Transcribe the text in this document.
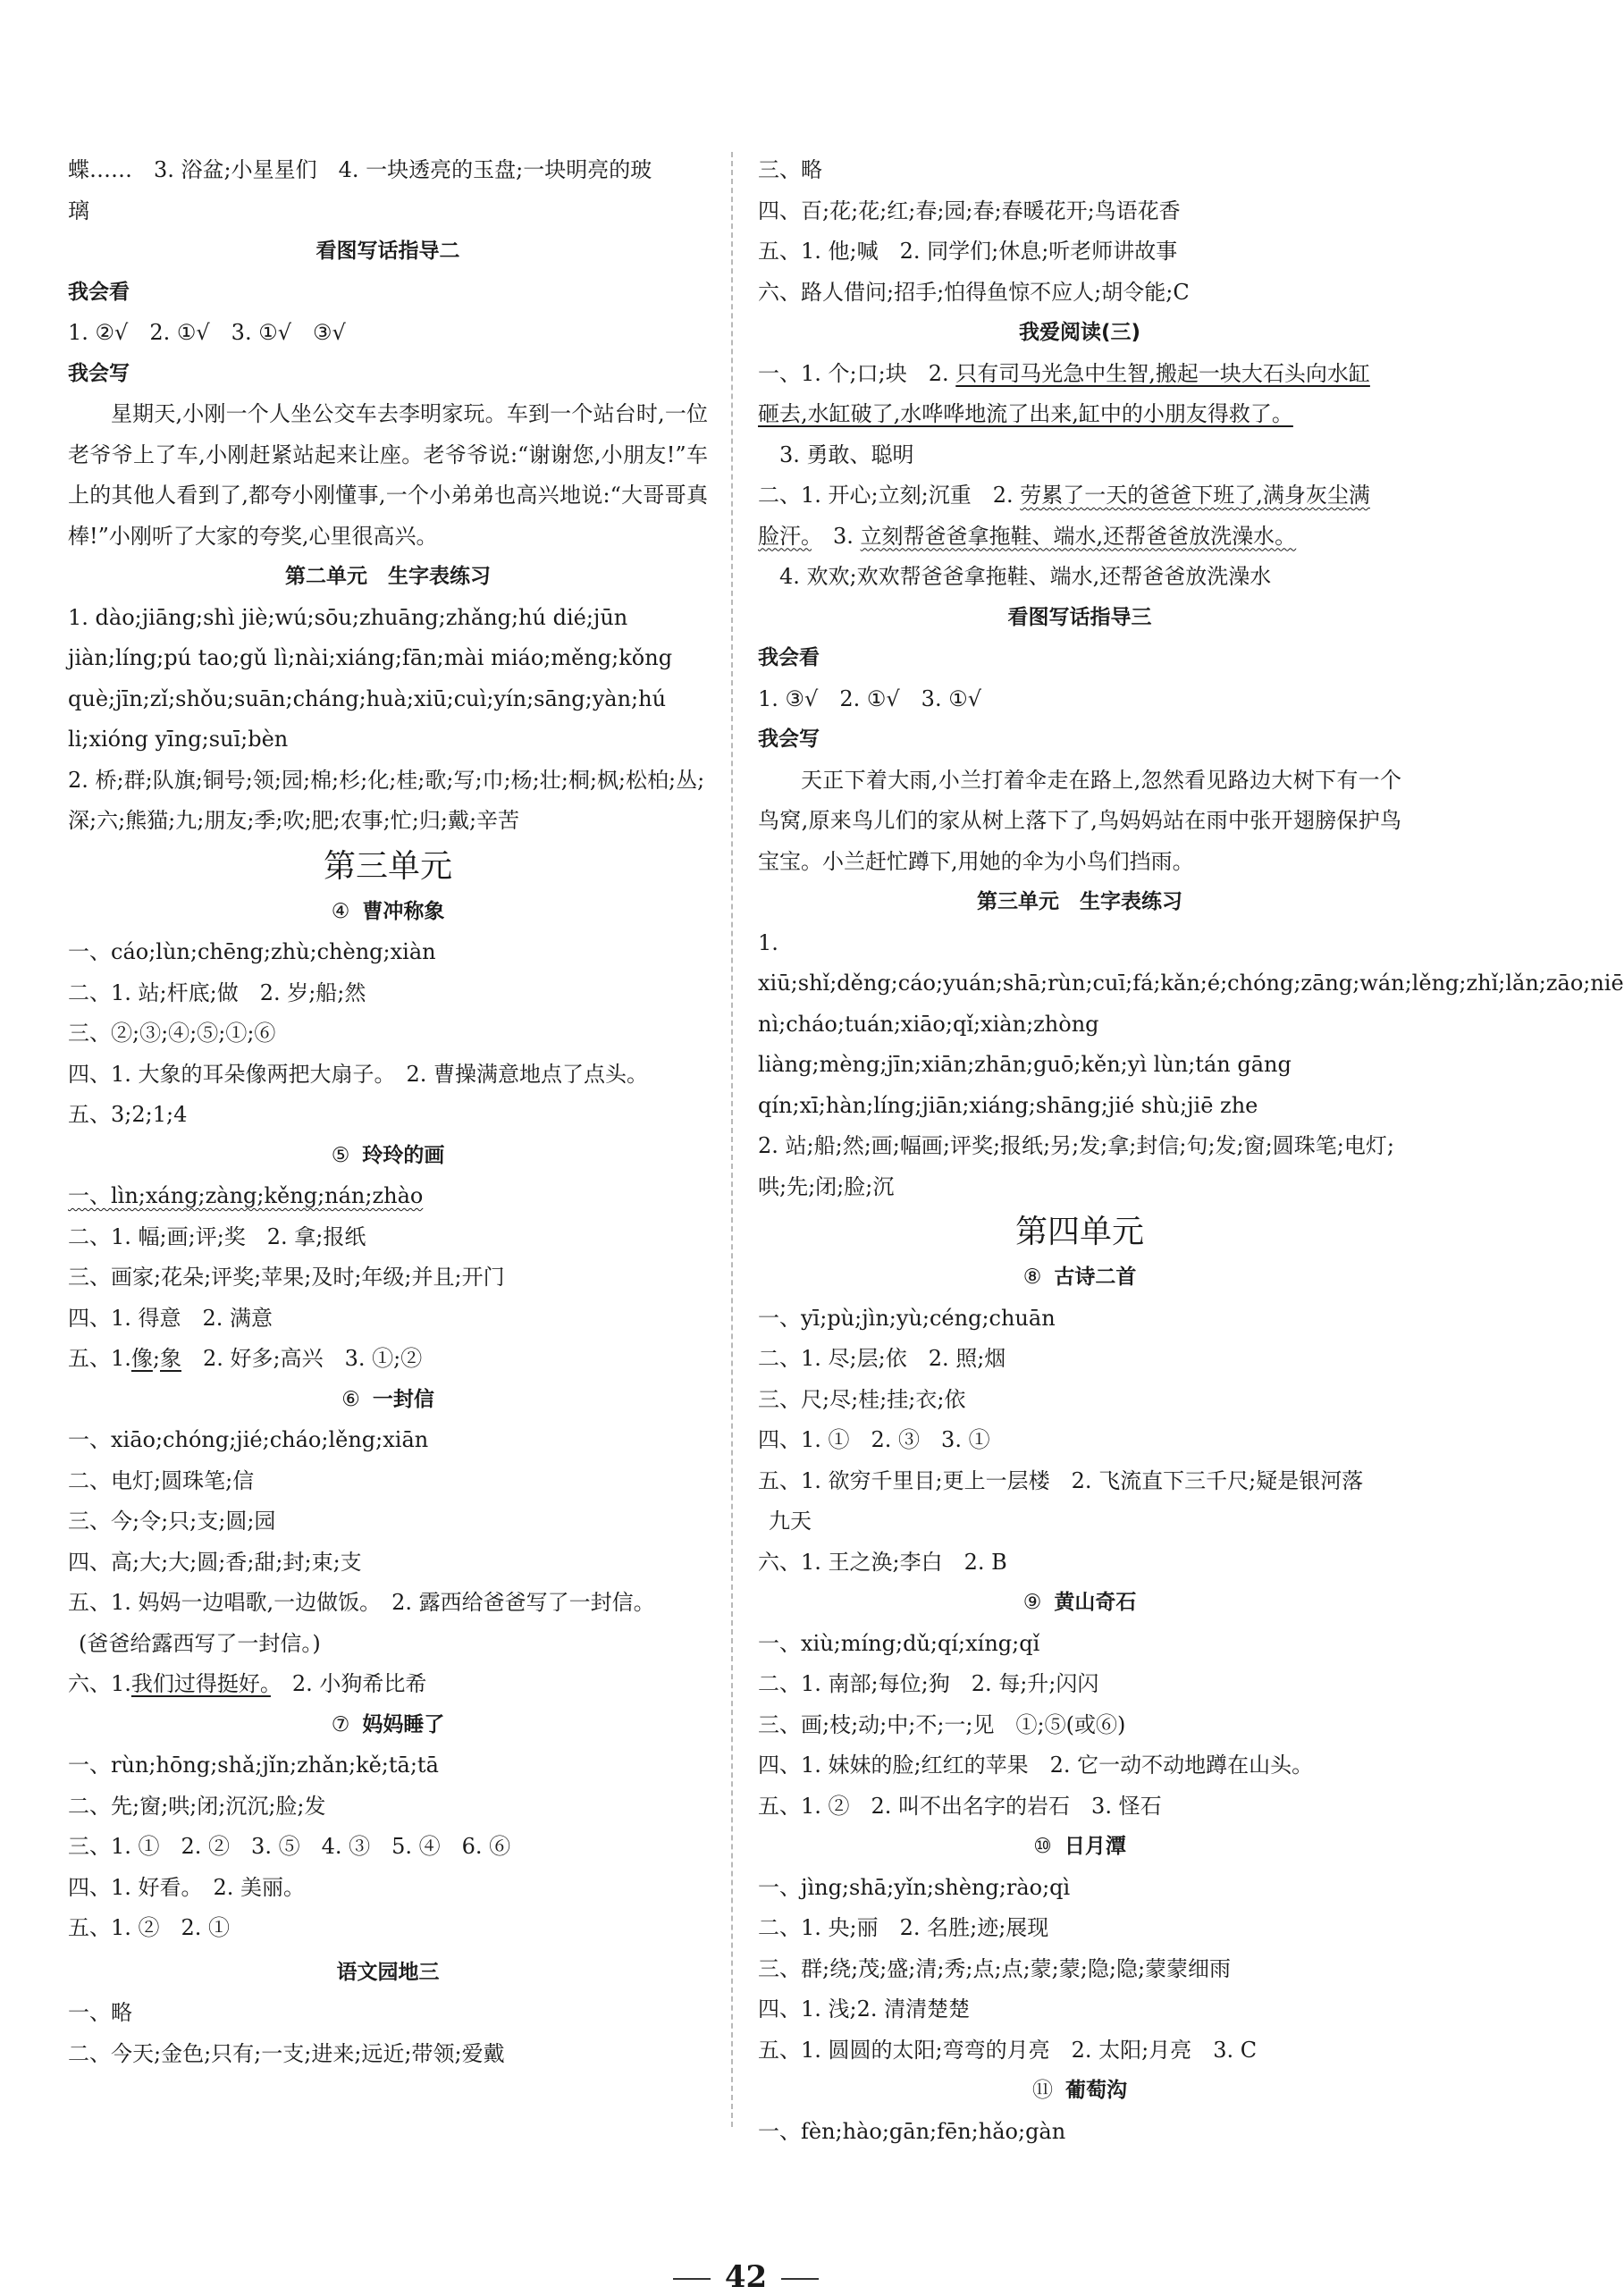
蝶……　3. 浴盆;小星星们　4. 一块透亮的玉盘;一块明亮的玻
璃
看图写话指导二
我会看
1. ②√　2. ①√　3. ①√　③√
我会写
星期天,小刚一个人坐公交车去李明家玩。车到一个站台时,一位老爷爷上了车,小刚赶紧站起来让座。老爷爷说:“谢谢您,小朋友!”车上的其他人看到了,都夸小刚懂事,一个小弟弟也高兴地说:“大哥哥真棒!”小刚听了大家的夸奖,心里很高兴。
第二单元　生字表练习
1. dào;jiāng;shì jiè;wú;sōu;zhuāng;zhǎng;hú dié;jūn jiàn;líng;pú tao;gǔ lì;nài;xiáng;fān;mài miáo;měng;kǒng què;jīn;zǐ;shǒu;suān;cháng;huà;xiū;cuì;yín;sāng;yàn;hú li;xióng yīng;suī;bèn
2. 桥;群;队旗;铜号;领;园;棉;杉;化;桂;歌;写;巾;杨;壮;桐;枫;松柏;丛;深;六;熊猫;九;朋友;季;吹;肥;农事;忙;归;戴;辛苦
第三单元
④ 曹冲称象
一、cáo;lùn;chēng;zhù;chèng;xiàn
二、1. 站;杆底;做　2. 岁;船;然
三、②;③;④;⑤;①;⑥
四、1. 大象的耳朵像两把大扇子。　2. 曹操满意地点了点头。
五、3;2;1;4
⑤ 玲玲的画
一、lìn;xáng;zàng;kěng;nán;zhào
二、1. 幅;画;评;奖　2. 拿;报纸
三、画家;花朵;评奖;苹果;及时;年级;并且;开门
四、1. 得意　2. 满意
五、1.像;象　2. 好多;高兴　3. ①;②
⑥ 一封信
一、xiāo;chóng;jié;cháo;lěng;xiān
二、电灯;圆珠笔;信
三、今;令;只;支;圆;园
四、高;大;大;圆;香;甜;封;束;支
五、1. 妈妈一边唱歌,一边做饭。　2. 露西给爸爸写了一封信。
(爸爸给露西写了一封信。)
六、1.我们过得挺好。　2. 小狗希比希
⑦ 妈妈睡了
一、rùn;hōng;shǎ;jǐn;zhǎn;kě;tā;tā
二、先;窗;哄;闭;沉沉;脸;发
三、1. ①　2. ②　3. ⑤　4. ③　5. ④　6. ⑥
四、1. 好看。　2. 美丽。
五、1. ②　2. ①
语文园地三
一、略
二、今天;金色;只有;一支;进来;远近;带领;爱戴
三、略
四、百;花;花;红;春;园;春;春暖花开;鸟语花香
五、1. 他;喊　2. 同学们;休息;听老师讲故事
六、路人借问;招手;怕得鱼惊不应人;胡令能;C
我爱阅读(三)
一、1. 个;口;块　2. 只有司马光急中生智,搬起一块大石头向水缸
砸去,水缸破了,水哗哗地流了出来,缸中的小朋友得救了。
3. 勇敢、聪明
二、1. 开心;立刻;沉重　2. 劳累了一天的爸爸下班了,满身灰尘满
脸汗。　3. 立刻帮爸爸拿拖鞋、端水,还帮爸爸放洗澡水。
4. 欢欢;欢欢帮爸爸拿拖鞋、端水,还帮爸爸放洗澡水
看图写话指导三
我会看
1. ③√　2. ①√　3. ①√
我会写
天正下着大雨,小兰打着伞走在路上,忽然看见路边大树下有一个鸟窝,原来鸟儿们的家从树上落下了,鸟妈妈站在雨中张开翅膀保护鸟宝宝。小兰赶忙蹲下,用她的伞为小鸟们挡雨。
第三单元　生字表练习
1. xiū;shǐ;děng;cáo;yuán;shā;rùn;cuī;fá;kǎn;é;chóng;zāng;wán;lěng;zhǐ;lǎn;zāo;niē nì;cháo;tuán;xiāo;qǐ;xiàn;zhòng liàng;mèng;jīn;xiān;zhān;guō;kěn;yì lùn;tán gāng qín;xī;hàn;líng;jiān;xiáng;shāng;jié shù;jiē zhe
2. 站;船;然;画;幅画;评奖;报纸;另;发;拿;封信;句;发;窗;圆珠笔;电灯;哄;先;闭;脸;沉
第四单元
⑧ 古诗二首
一、yī;pù;jìn;yù;céng;chuān
二、1. 尽;层;依　2. 照;烟
三、尺;尽;桂;挂;衣;依
四、1. ①　2. ③　3. ①
五、1. 欲穷千里目;更上一层楼　2. 飞流直下三千尺;疑是银河落
九天
六、1. 王之涣;李白　2. B
⑨ 黄山奇石
一、xiù;míng;dǔ;qí;xíng;qǐ
二、1. 南部;每位;狗　2. 每;升;闪闪
三、画;枝;动;中;不;一;见　①;⑤(或⑥)
四、1. 妹妹的脸;红红的苹果　2. 它一动不动地蹲在山头。
五、1. ②　2. 叫不出名字的岩石　3. 怪石
⑩ 日月潭
一、jìng;shā;yǐn;shèng;rào;qì
二、1. 央;丽　2. 名胜;迹;展现
三、群;绕;茂;盛;清;秀;点;点;蒙;蒙;隐;隐;蒙蒙细雨
四、1. 浅;2. 清清楚楚
五、1. 圆圆的太阳;弯弯的月亮　2. 太阳;月亮　3. C
⑪ 葡萄沟
一、fèn;hào;gān;fēn;hǎo;gàn
42
